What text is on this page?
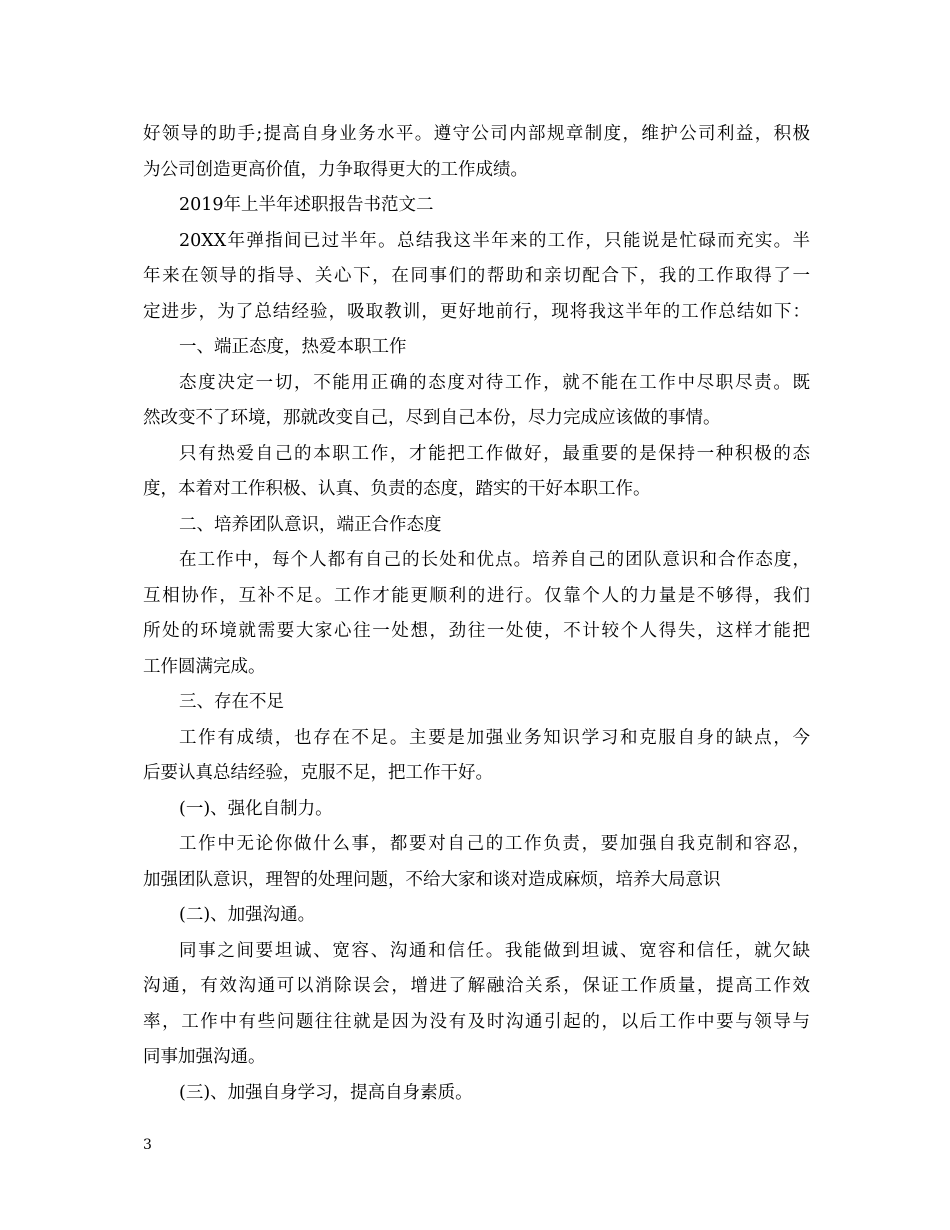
好领导的助手;提高自身业务水平。遵守公司内部规章制度，维护公司利益，积极
为公司创造更高价值，力争取得更大的工作成绩。
2019年上半年述职报告书范文二
20XX年弹指间已过半年。总结我这半年来的工作，只能说是忙碌而充实。半
年来在领导的指导、关心下，在同事们的帮助和亲切配合下，我的工作取得了一
定进步，为了总结经验，吸取教训，更好地前行，现将我这半年的工作总结如下：
一、端正态度，热爱本职工作
态度决定一切，不能用正确的态度对待工作，就不能在工作中尽职尽责。既
然改变不了环境，那就改变自己，尽到自己本份，尽力完成应该做的事情。
只有热爱自己的本职工作，才能把工作做好，最重要的是保持一种积极的态
度，本着对工作积极、认真、负责的态度，踏实的干好本职工作。
二、培养团队意识，端正合作态度
在工作中，每个人都有自己的长处和优点。培养自己的团队意识和合作态度，
互相协作，互补不足。工作才能更顺利的进行。仅靠个人的力量是不够得，我们
所处的环境就需要大家心往一处想，劲往一处使，不计较个人得失，这样才能把
工作圆满完成。
三、存在不足
工作有成绩，也存在不足。主要是加强业务知识学习和克服自身的缺点，今
后要认真总结经验，克服不足，把工作干好。
(一)、强化自制力。
工作中无论你做什么事，都要对自己的工作负责，要加强自我克制和容忍，
加强团队意识，理智的处理问题，不给大家和谈对造成麻烦，培养大局意识
(二)、加强沟通。
同事之间要坦诚、宽容、沟通和信任。我能做到坦诚、宽容和信任，就欠缺
沟通，有效沟通可以消除误会，增进了解融洽关系，保证工作质量，提高工作效
率，工作中有些问题往往就是因为没有及时沟通引起的，以后工作中要与领导与
同事加强沟通。
(三)、加强自身学习，提高自身素质。
3
